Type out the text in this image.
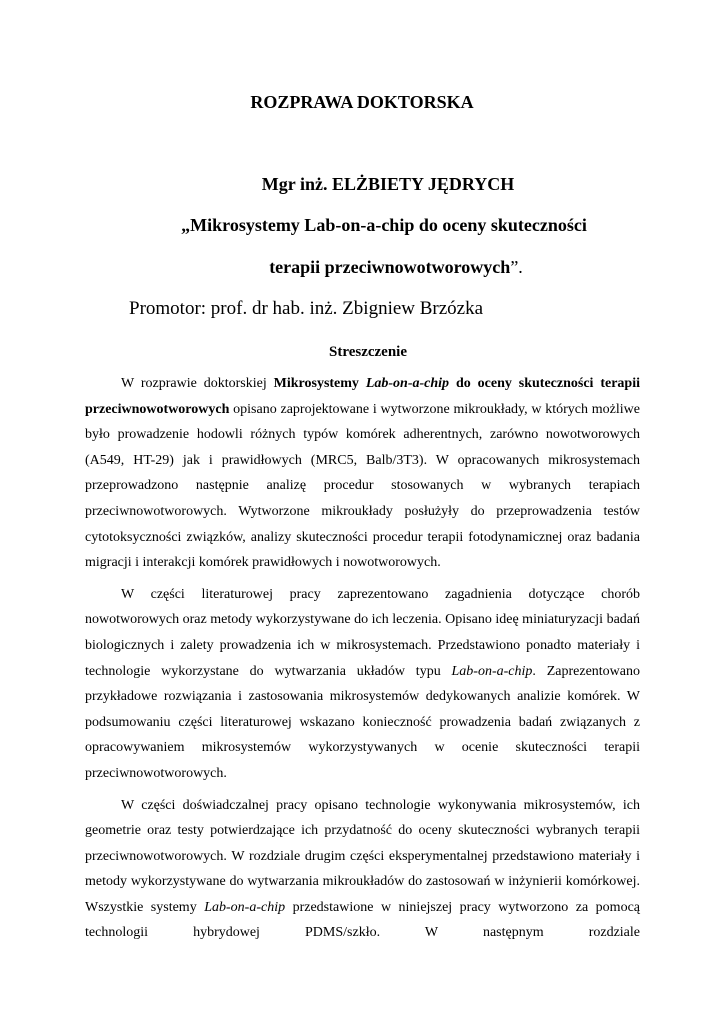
ROZPRAWA DOKTORSKA
Mgr inż. ELŻBIETY JĘDRYCH
„Mikrosystemy Lab-on-a-chip do oceny skuteczności
terapii przeciwnowotworowych”.
Promotor: prof. dr hab. inż. Zbigniew Brzózka
Streszczenie

W rozprawie doktorskiej Mikrosystemy Lab-on-a-chip do oceny skuteczności terapii przeciwnowotworowych opisano zaprojektowane i wytworzone mikroukłady, w których możliwe było prowadzenie hodowli różnych typów komórek adherentnych, zarówno nowotworowych (A549, HT-29) jak i prawidłowych (MRC5, Balb/3T3). W opracowanych mikrosystemach przeprowadzono następnie analizę procedur stosowanych w wybranych terapiach przeciwnowotworowych. Wytworzone mikroukłady posłużyły do przeprowadzenia testów cytotoksyczności związków, analizy skuteczności procedur terapii fotodynamicznej oraz badania migracji i interakcji komórek prawidłowych i nowotworowych.

W części literaturowej pracy zaprezentowano zagadnienia dotyczące chorób nowotworowych oraz metody wykorzystywane do ich leczenia. Opisano ideę miniaturyzacji badań biologicznych i zalety prowadzenia ich w mikrosystemach. Przedstawiono ponadto materiały i technologie wykorzystane do wytwarzania układów typu Lab-on-a-chip. Zaprezentowano przykładowe rozwiązania i zastosowania mikrosystemów dedykowanych analizie komórek. W podsumowaniu części literaturowej wskazano konieczność prowadzenia badań związanych z opracowywaniem mikrosystemów wykorzystywanych w ocenie skuteczności terapii przeciwnowotworowych.

W części doświadczalnej pracy opisano technologie wykonywania mikrosystemów, ich geometrie oraz testy potwierdzające ich przydatność do oceny skuteczności wybranych terapii przeciwnowotworowych. W rozdziale drugim części eksperymentalnej przedstawiono materiały i metody wykorzystywane do wytwarzania mikroukładów do zastosowań w inżynierii komórkowej. Wszystkie systemy Lab-on-a-chip przedstawione w niniejszej pracy wytworzono za pomocą technologii hybrydowej PDMS/szkło. W następnym rozdziale
